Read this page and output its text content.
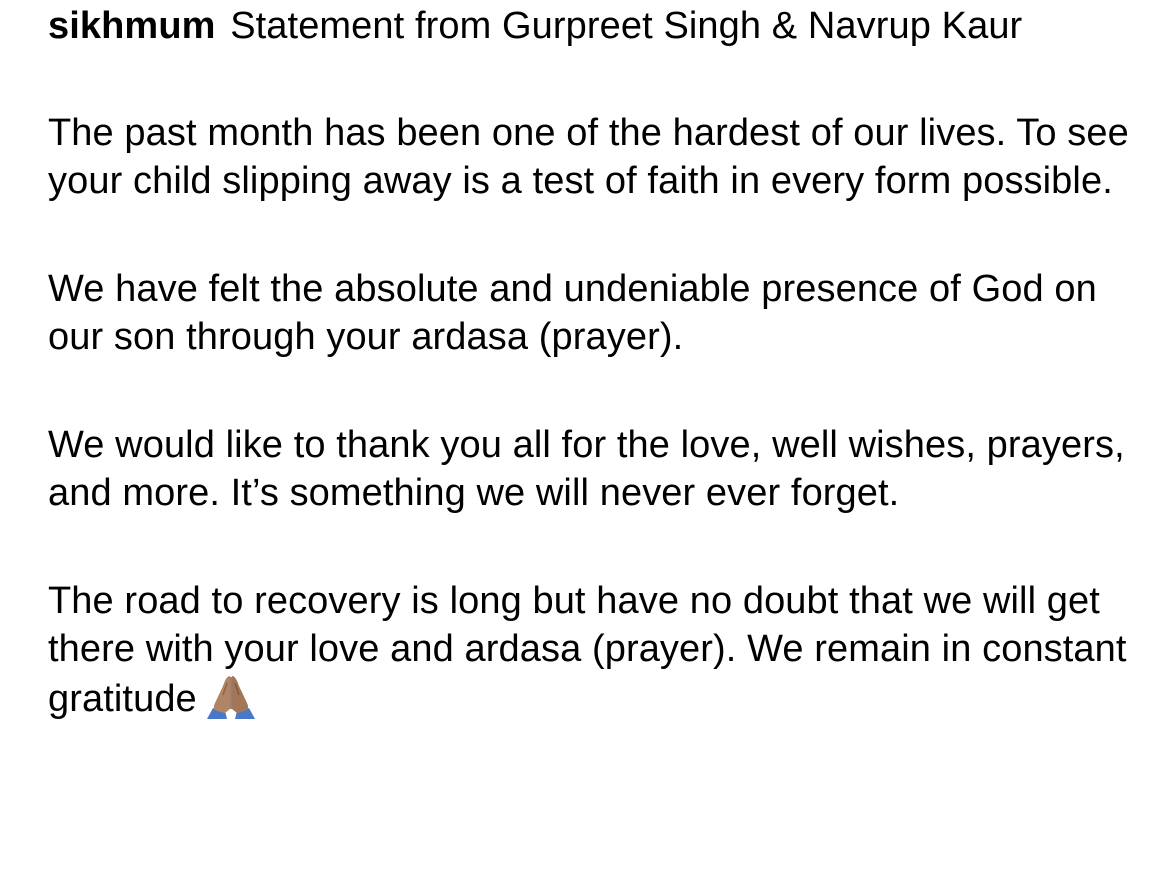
sikhmum Statement from Gurpreet Singh & Navrup Kaur

The past month has been one of the hardest of our lives. To see your child slipping away is a test of faith in every form possible.

We have felt the absolute and undeniable presence of God on our son through your ardasa (prayer).

We would like to thank you all for the love, well wishes, prayers, and more. It’s something we will never ever forget.

The road to recovery is long but have no doubt that we will get there with your love and ardasa (prayer). We remain in constant gratitude
